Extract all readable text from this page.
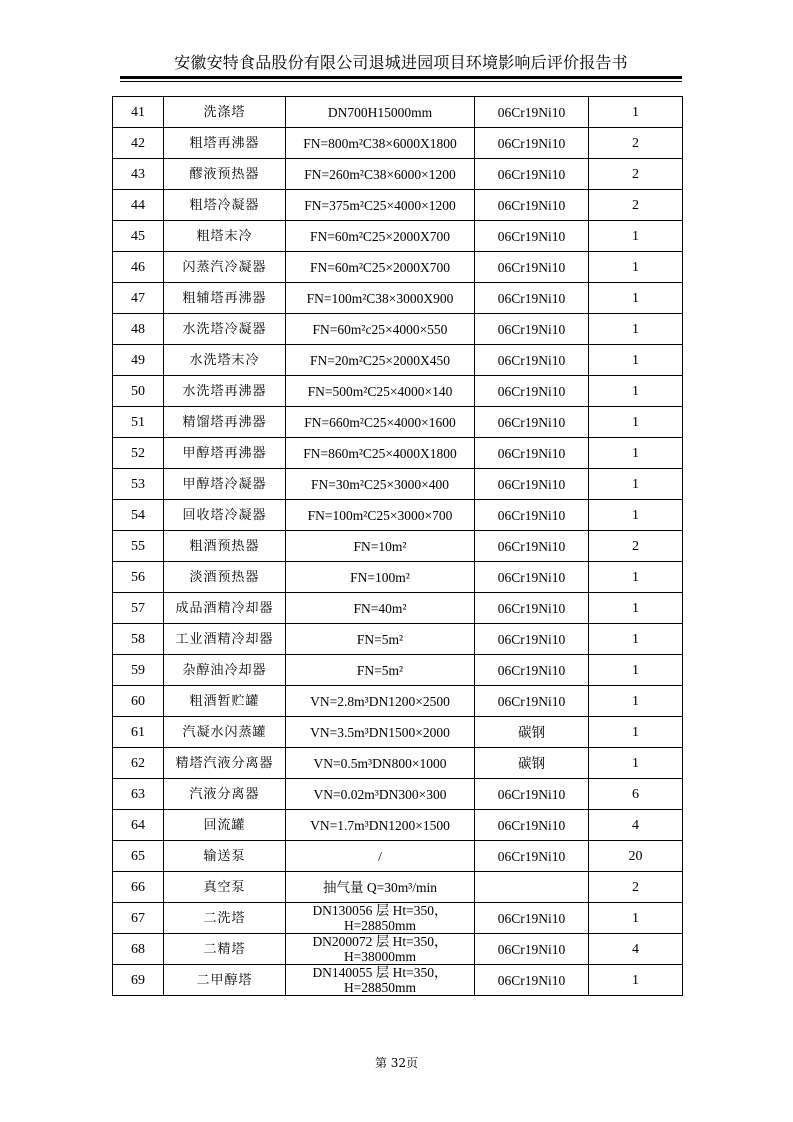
安徽安特食品股份有限公司退城进园项目环境影响后评价报告书
41	洗涤塔	DN700H15000mm	06Cr19Ni10	1
42	粗塔再沸器	FN=800m²C38×6000X1800	06Cr19Ni10	2
43	醪液预热器	FN=260m²C38×6000×1200	06Cr19Ni10	2
44	粗塔冷凝器	FN=375m²C25×4000×1200	06Cr19Ni10	2
45	粗塔末冷	FN=60m²C25×2000X700	06Cr19Ni10	1
46	闪蒸汽冷凝器	FN=60m²C25×2000X700	06Cr19Ni10	1
47	粗辅塔再沸器	FN=100m²C38×3000X900	06Cr19Ni10	1
48	水洗塔冷凝器	FN=60m²c25×4000×550	06Cr19Ni10	1
49	水洗塔末冷	FN=20m²C25×2000X450	06Cr19Ni10	1
50	水洗塔再沸器	FN=500m²C25×4000×140	06Cr19Ni10	1
51	精馏塔再沸器	FN=660m²C25×4000×1600	06Cr19Ni10	1
52	甲醇塔再沸器	FN=860m²C25×4000X1800	06Cr19Ni10	1
53	甲醇塔冷凝器	FN=30m²C25×3000×400	06Cr19Ni10	1
54	回收塔冷凝器	FN=100m²C25×3000×700	06Cr19Ni10	1
55	粗酒预热器	FN=10m²	06Cr19Ni10	2
56	淡酒预热器	FN=100m²	06Cr19Ni10	1
57	成品酒精冷却器	FN=40m²	06Cr19Ni10	1
58	工业酒精冷却器	FN=5m²	06Cr19Ni10	1
59	杂醇油冷却器	FN=5m²	06Cr19Ni10	1
60	粗酒暂贮罐	VN=2.8m³DN1200×2500	06Cr19Ni10	1
61	汽凝水闪蒸罐	VN=3.5m³DN1500×2000	碳钢	1
62	精塔汽液分离器	VN=0.5m³DN800×1000	碳钢	1
63	汽液分离器	VN=0.02m³DN300×300	06Cr19Ni10	6
64	回流罐	VN=1.7m³DN1200×1500	06Cr19Ni10	4
65	输送泵	/	06Cr19Ni10	20
66	真空泵	抽气量 Q=30m³/min		2
67	二洗塔	DN130056 层 Ht=350，H=28850mm	06Cr19Ni10	1
68	二精塔	DN200072 层 Ht=350，H=38000mm	06Cr19Ni10	4
69	二甲醇塔	DN140055 层 Ht=350，H=28850mm	06Cr19Ni10	1
第 32页
